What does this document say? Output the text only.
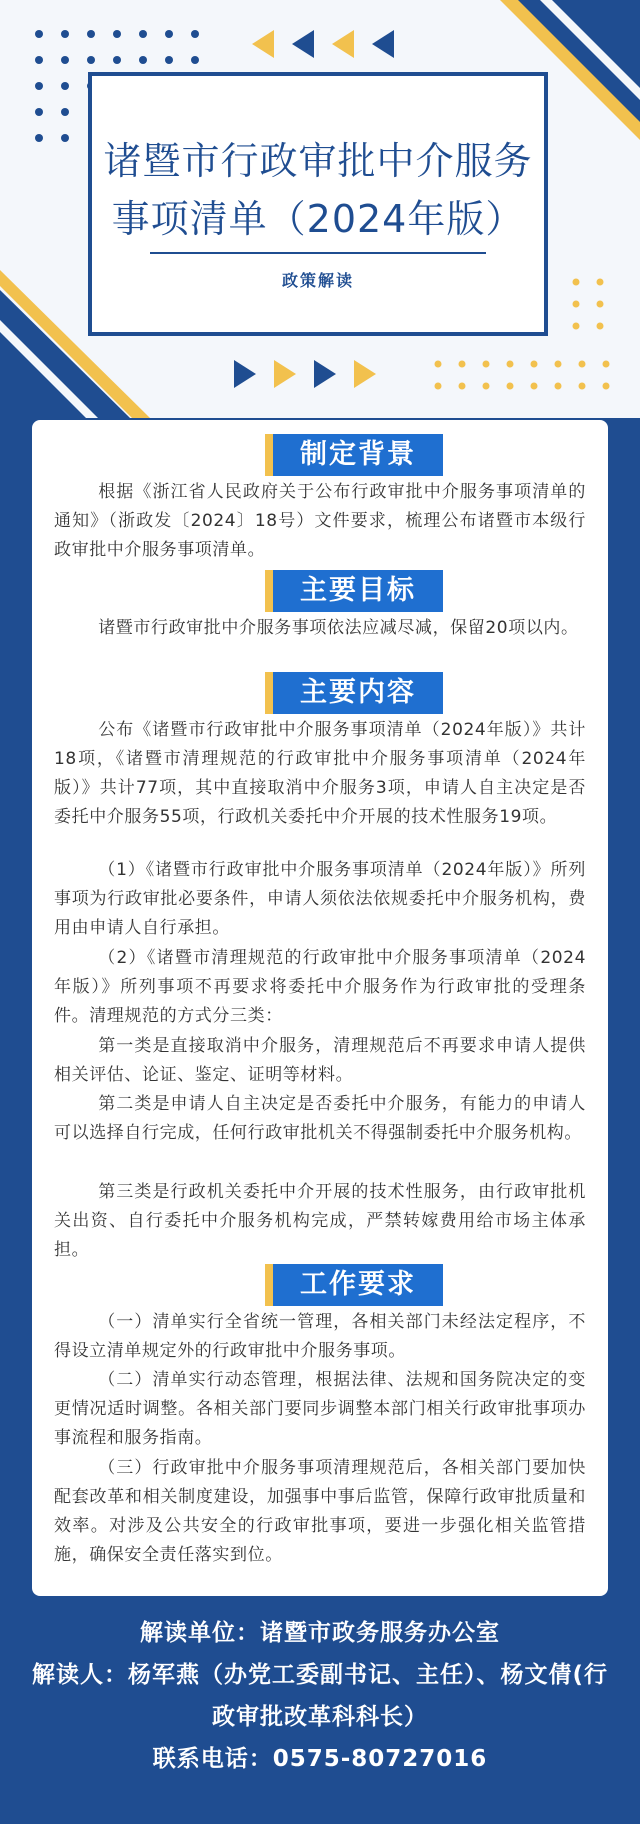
诸暨市行政审批中介服务事项清单（2024年版）
政策解读
制定背景
根据《浙江省人民政府关于公布行政审批中介服务事项清单的通知》（浙政发〔2024〕18号）文件要求，梳理公布诸暨市本级行政审批中介服务事项清单。
主要目标
诸暨市行政审批中介服务事项依法应减尽减，保留20项以内。
主要内容
公布《诸暨市行政审批中介服务事项清单（2024年版）》共计18项，《诸暨市清理规范的行政审批中介服务事项清单（2024年版）》共计77项，其中直接取消中介服务3项，申请人自主决定是否委托中介服务55项，行政机关委托中介开展的技术性服务19项。
（1）《诸暨市行政审批中介服务事项清单（2024年版）》所列事项为行政审批必要条件，申请人须依法依规委托中介服务机构，费用由申请人自行承担。
（2）《诸暨市清理规范的行政审批中介服务事项清单（2024年版）》所列事项不再要求将委托中介服务作为行政审批的受理条件。清理规范的方式分三类：
第一类是直接取消中介服务，清理规范后不再要求申请人提供相关评估、论证、鉴定、证明等材料。
第二类是申请人自主决定是否委托中介服务，有能力的申请人可以选择自行完成，任何行政审批机关不得强制委托中介服务机构。
第三类是行政机关委托中介开展的技术性服务，由行政审批机关出资、自行委托中介服务机构完成，严禁转嫁费用给市场主体承担。
工作要求
（一）清单实行全省统一管理，各相关部门未经法定程序，不得设立清单规定外的行政审批中介服务事项。
（二）清单实行动态管理，根据法律、法规和国务院决定的变更情况适时调整。各相关部门要同步调整本部门相关行政审批事项办事流程和服务指南。
（三）行政审批中介服务事项清理规范后，各相关部门要加快配套改革和相关制度建设，加强事中事后监管，保障行政审批质量和效率。对涉及公共安全的行政审批事项，要进一步强化相关监管措施，确保安全责任落实到位。
解读单位：诸暨市政务服务办公室
解读人：杨军燕（办党工委副书记、主任）、杨文倩(行政审批改革科科长）
联系电话：0575-80727016
